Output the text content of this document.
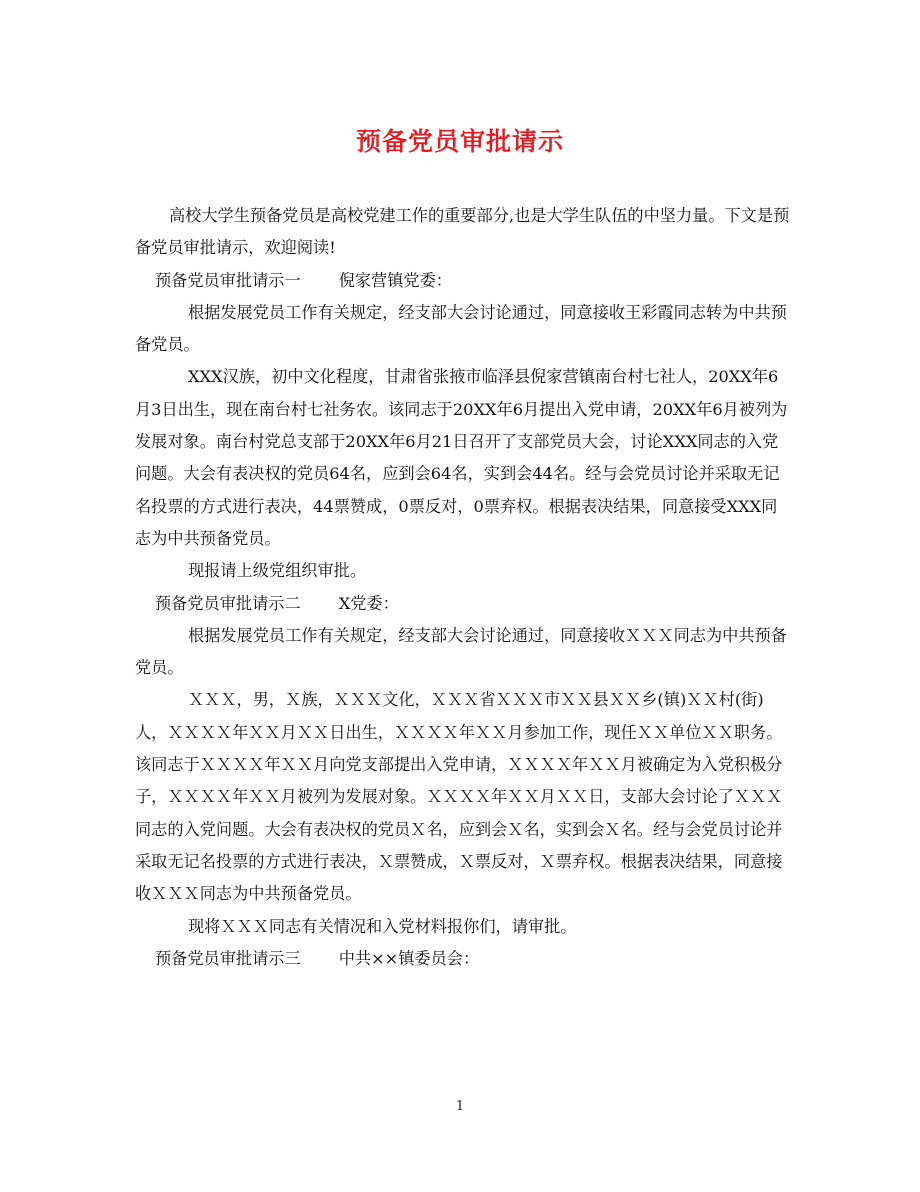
预备党员审批请示

高校大学生预备党员是高校党建工作的重要部分,也是大学生队伍的中坚力量。下文是预备党员审批请示，欢迎阅读!

预备党员审批请示一 倪家营镇党委：

根据发展党员工作有关规定，经支部大会讨论通过，同意接收王彩霞同志转为中共预备党员。

XXX汉族，初中文化程度，甘肃省张掖市临泽县倪家营镇南台村七社人，20XX年6月3日出生，现在南台村七社务农。该同志于20XX年6月提出入党申请，20XX年6月被列为发展对象。南台村党总支部于20XX年6月21日召开了支部党员大会，讨论XXX同志的入党问题。大会有表决权的党员64名，应到会64名，实到会44名。经与会党员讨论并采取无记名投票的方式进行表决，44票赞成，0票反对，0票弃权。根据表决结果，同意接受XXX同志为中共预备党员。

现报请上级党组织审批。

预备党员审批请示二 X党委：

根据发展党员工作有关规定，经支部大会讨论通过，同意接收ＸＸＸ同志为中共预备党员。

ＸＸＸ，男，Ｘ族，ＸＸＸ文化，ＸＸＸ省ＸＸＸ市ＸＸ县ＸＸ乡(镇)ＸＸ村(街)人，ＸＸＸＸ年ＸＸ月ＸＸ日出生，ＸＸＸＸ年ＸＸ月参加工作，现任ＸＸ单位ＸＸ职务。该同志于ＸＸＸＸ年ＸＸ月向党支部提出入党申请，ＸＸＸＸ年ＸＸ月被确定为入党积极分子，ＸＸＸＸ年ＸＸ月被列为发展对象。ＸＸＸＸ年ＸＸ月ＸＸ日，支部大会讨论了ＸＸＸ同志的入党问题。大会有表决权的党员Ｘ名，应到会Ｘ名，实到会Ｘ名。经与会党员讨论并采取无记名投票的方式进行表决，Ｘ票赞成，Ｘ票反对，Ｘ票弃权。根据表决结果，同意接收ＸＸＸ同志为中共预备党员。

现将ＸＸＸ同志有关情况和入党材料报你们，请审批。

预备党员审批请示三 中共××镇委员会：

1
